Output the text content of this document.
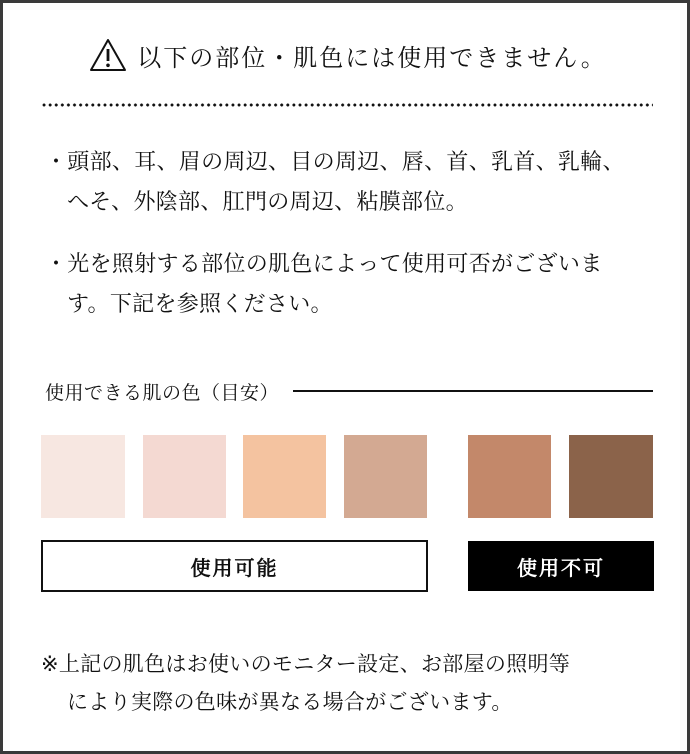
以下の部位・肌色には使用できません。
・頭部、耳、眉の周辺、目の周辺、唇、首、乳首、乳輪、
へそ、外陰部、肛門の周辺、粘膜部位。
・光を照射する部位の肌色によって使用可否がございま
す。下記を参照ください。
使用できる肌の色（目安）
使用可能	使用不可
※上記の肌色はお使いのモニター設定、お部屋の照明等
により実際の色味が異なる場合がございます。
